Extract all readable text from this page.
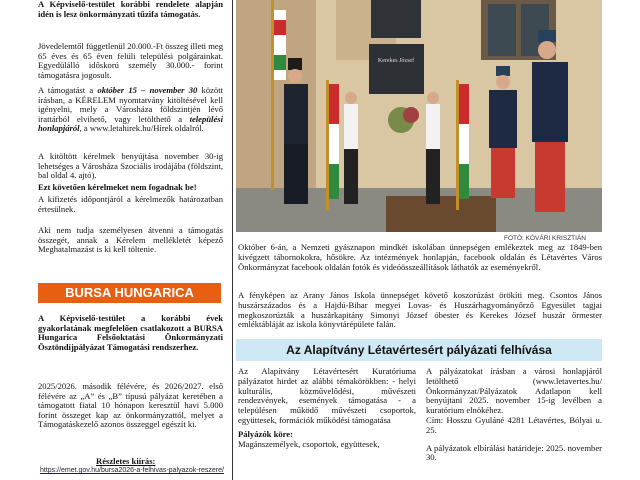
A Képviselő-testület korábbi rendelete alapján idén is lesz önkormányzati tűzifa támogatás.

Jövedelemtől függetlenül 20.000.-Ft összeg illeti meg 65 éves és 65 éven felüli települési polgárainkat. Egyedülálló időskorú személy 30.000.- forint támogatásra jogosult.

A támogatást a október 15 – november 30 között írásban, a KÉRELEM nyomtatvány kitöltésével kell igényelni, mely a Városháza földszintjén lévő irattárból elvihető, vagy letölthető a települési honlapjáról, a www.letahirek.hu/Hírek oldalról.

A kitöltött kérelmek benyújtása november 30-ig lehetséges a Városháza Szociális irodájába (földszint, bal oldal 4. ajtó).

Ezt követően kérelmeket nem fogadnak be!

A kifizetés időpontjáról a kérelmezők határozatban értesülnek.

Aki nem tudja személyesen átvenni a támogatás összegét, annak a Kérelem mellékletét képező Meghatalmazást is ki kell töltenie.

BURSA HUNGARICA

A Képviselő-testület a korábbi évek gyakorlatának megfelelően csatlakozott a BURSA Hungarica Felsőoktatási Önkormányzati Ösztöndíjpályázat Támogatási rendszerhez.

2025/2026. második félévére, és 2026/2027. első félévére az „A” és „B” típusú pályázat keretében a támogatott fiatal 10 hónapon keresztül havi 5.000 forint összeget kap az önkormányzattól, melyet a Támogatáskezelő azonos összeggel egészít ki.

Részletes kiírás:
https://emet.gov.hu/bursa2026-a-felhivas-palyazok-reszere/
Kerekes József
FOTÓ: KÓVÁRI KRISZTIÁN

Október 6-án, a Nemzeti gyásznapon mindkét iskolában ünnepségen emlékeztek meg az 1849-ben kivégzett tábornokokra, hősökre. Az intézmények honlapján, facebook oldalán és Létavértes Város Önkormányzat facebook oldalán fotók és videóösszeállítások láthatók az eseményekről.

A fényképen az Arany János Iskola ünnepséget követő koszorúzást örökíti meg. Csontos János huszárszázados és a Hajdú-Bihar megyei Lovas- és Huszárhagyományőrző Egyesület tagjai megkoszorúzták a huszárkapitány Simonyi József óbester és Kerekes József huszár őrmester emléktábláját az iskola könyvtárépülete falán.

Az Alapítvány Létavértesért pályázati felhívása
Az Alapítvány Létavértesért Kuratóriuma pályázatot hirdet az alábbi témakörökben: - helyi kulturális, közművelődési, művészeti rendezvények, események támogatása - a településen működő művészeti csoportok, együttesek, formációk működési támogatása
Pályázók köre:
Magánszemélyek, csoportok, együttesek,
A pályázatokat írásban a városi honlapjáról letölthető (www.letavertes.hu/Önkormányzat/Pályázatok Adatlapon kell benyújtani 2025. november 15-ig levélben a kuratórium elnökéhez.
Cím: Hosszu Gyuláné 4281 Létavértes, Bólyai u. 25.
A pályázatok elbírálási határideje: 2025. november 30.
